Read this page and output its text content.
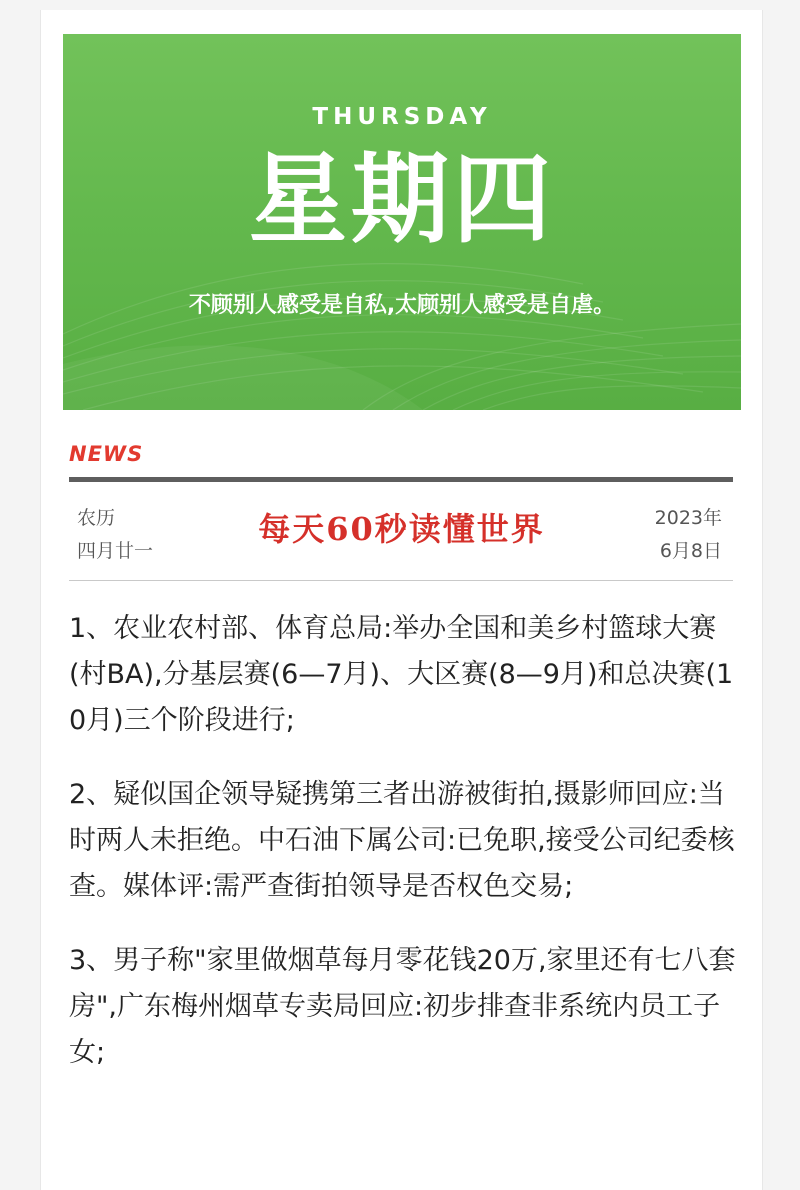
THURSDAY
星期四
不顾别人感受是自私,太顾别人感受是自虐。
NEWS
农历
四月廿一
每天60秒读懂世界	2023年
6月8日
1、农业农村部、体育总局:举办全国和美乡村篮球大赛(村BA),分基层赛(6—7月)、大区赛(8—9月)和总决赛(10月)三个阶段进行;
2、疑似国企领导疑携第三者出游被街拍,摄影师回应:当时两人未拒绝。中石油下属公司:已免职,接受公司纪委核查。媒体评:需严查街拍领导是否权色交易;
3、男子称"家里做烟草每月零花钱20万,家里还有七八套房",广东梅州烟草专卖局回应:初步排查非系统内员工子女;
